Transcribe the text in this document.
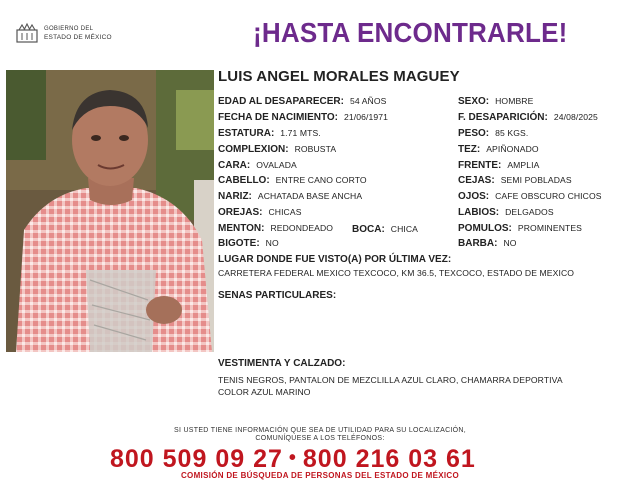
GOBIERNO DEL
ESTADO DE MÉXICO	¡HASTA ENCONTRARLE!
LUIS ANGEL MORALES MAGUEY
EDAD AL DESAPARECER: 54 AÑOS
FECHA DE NACIMIENTO: 21/06/1971
ESTATURA: 1.71 MTS.
COMPLEXION: ROBUSTA
CARA: OVALADA
CABELLO: ENTRE CANO CORTO
NARIZ: ACHATADA BASE ANCHA
OREJAS: CHICAS
MENTON: REDONDEADO BOCA: CHICA
BIGOTE: NO
SEXO: HOMBRE
F. DESAPARICIÓN: 24/08/2025
PESO: 85 KGS.
TEZ: APIÑONADO
FRENTE: AMPLIA
CEJAS: SEMI POBLADAS
OJOS: CAFE OBSCURO CHICOS
LABIOS: DELGADOS
POMULOS: PROMINENTES
BARBA: NO
LUGAR DONDE FUE VISTO(A) POR ÚLTIMA VEZ:
CARRETERA FEDERAL MEXICO TEXCOCO, KM 36.5, TEXCOCO, ESTADO DE MEXICO
SENAS PARTICULARES:
VESTIMENTA Y CALZADO:
TENIS NEGROS, PANTALON DE MEZCLILLA AZUL CLARO, CHAMARRA DEPORTIVA
COLOR AZUL MARINO
SI USTED TIENE INFORMACIÓN QUE SEA DE UTILIDAD PARA SU LOCALIZACIÓN,
COMUNÍQUESE A LOS TELÉFONOS:
800 509 09 27 • 800 216 03 61
COMISIÓN DE BÚSQUEDA DE PERSONAS DEL ESTADO DE MÉXICO
